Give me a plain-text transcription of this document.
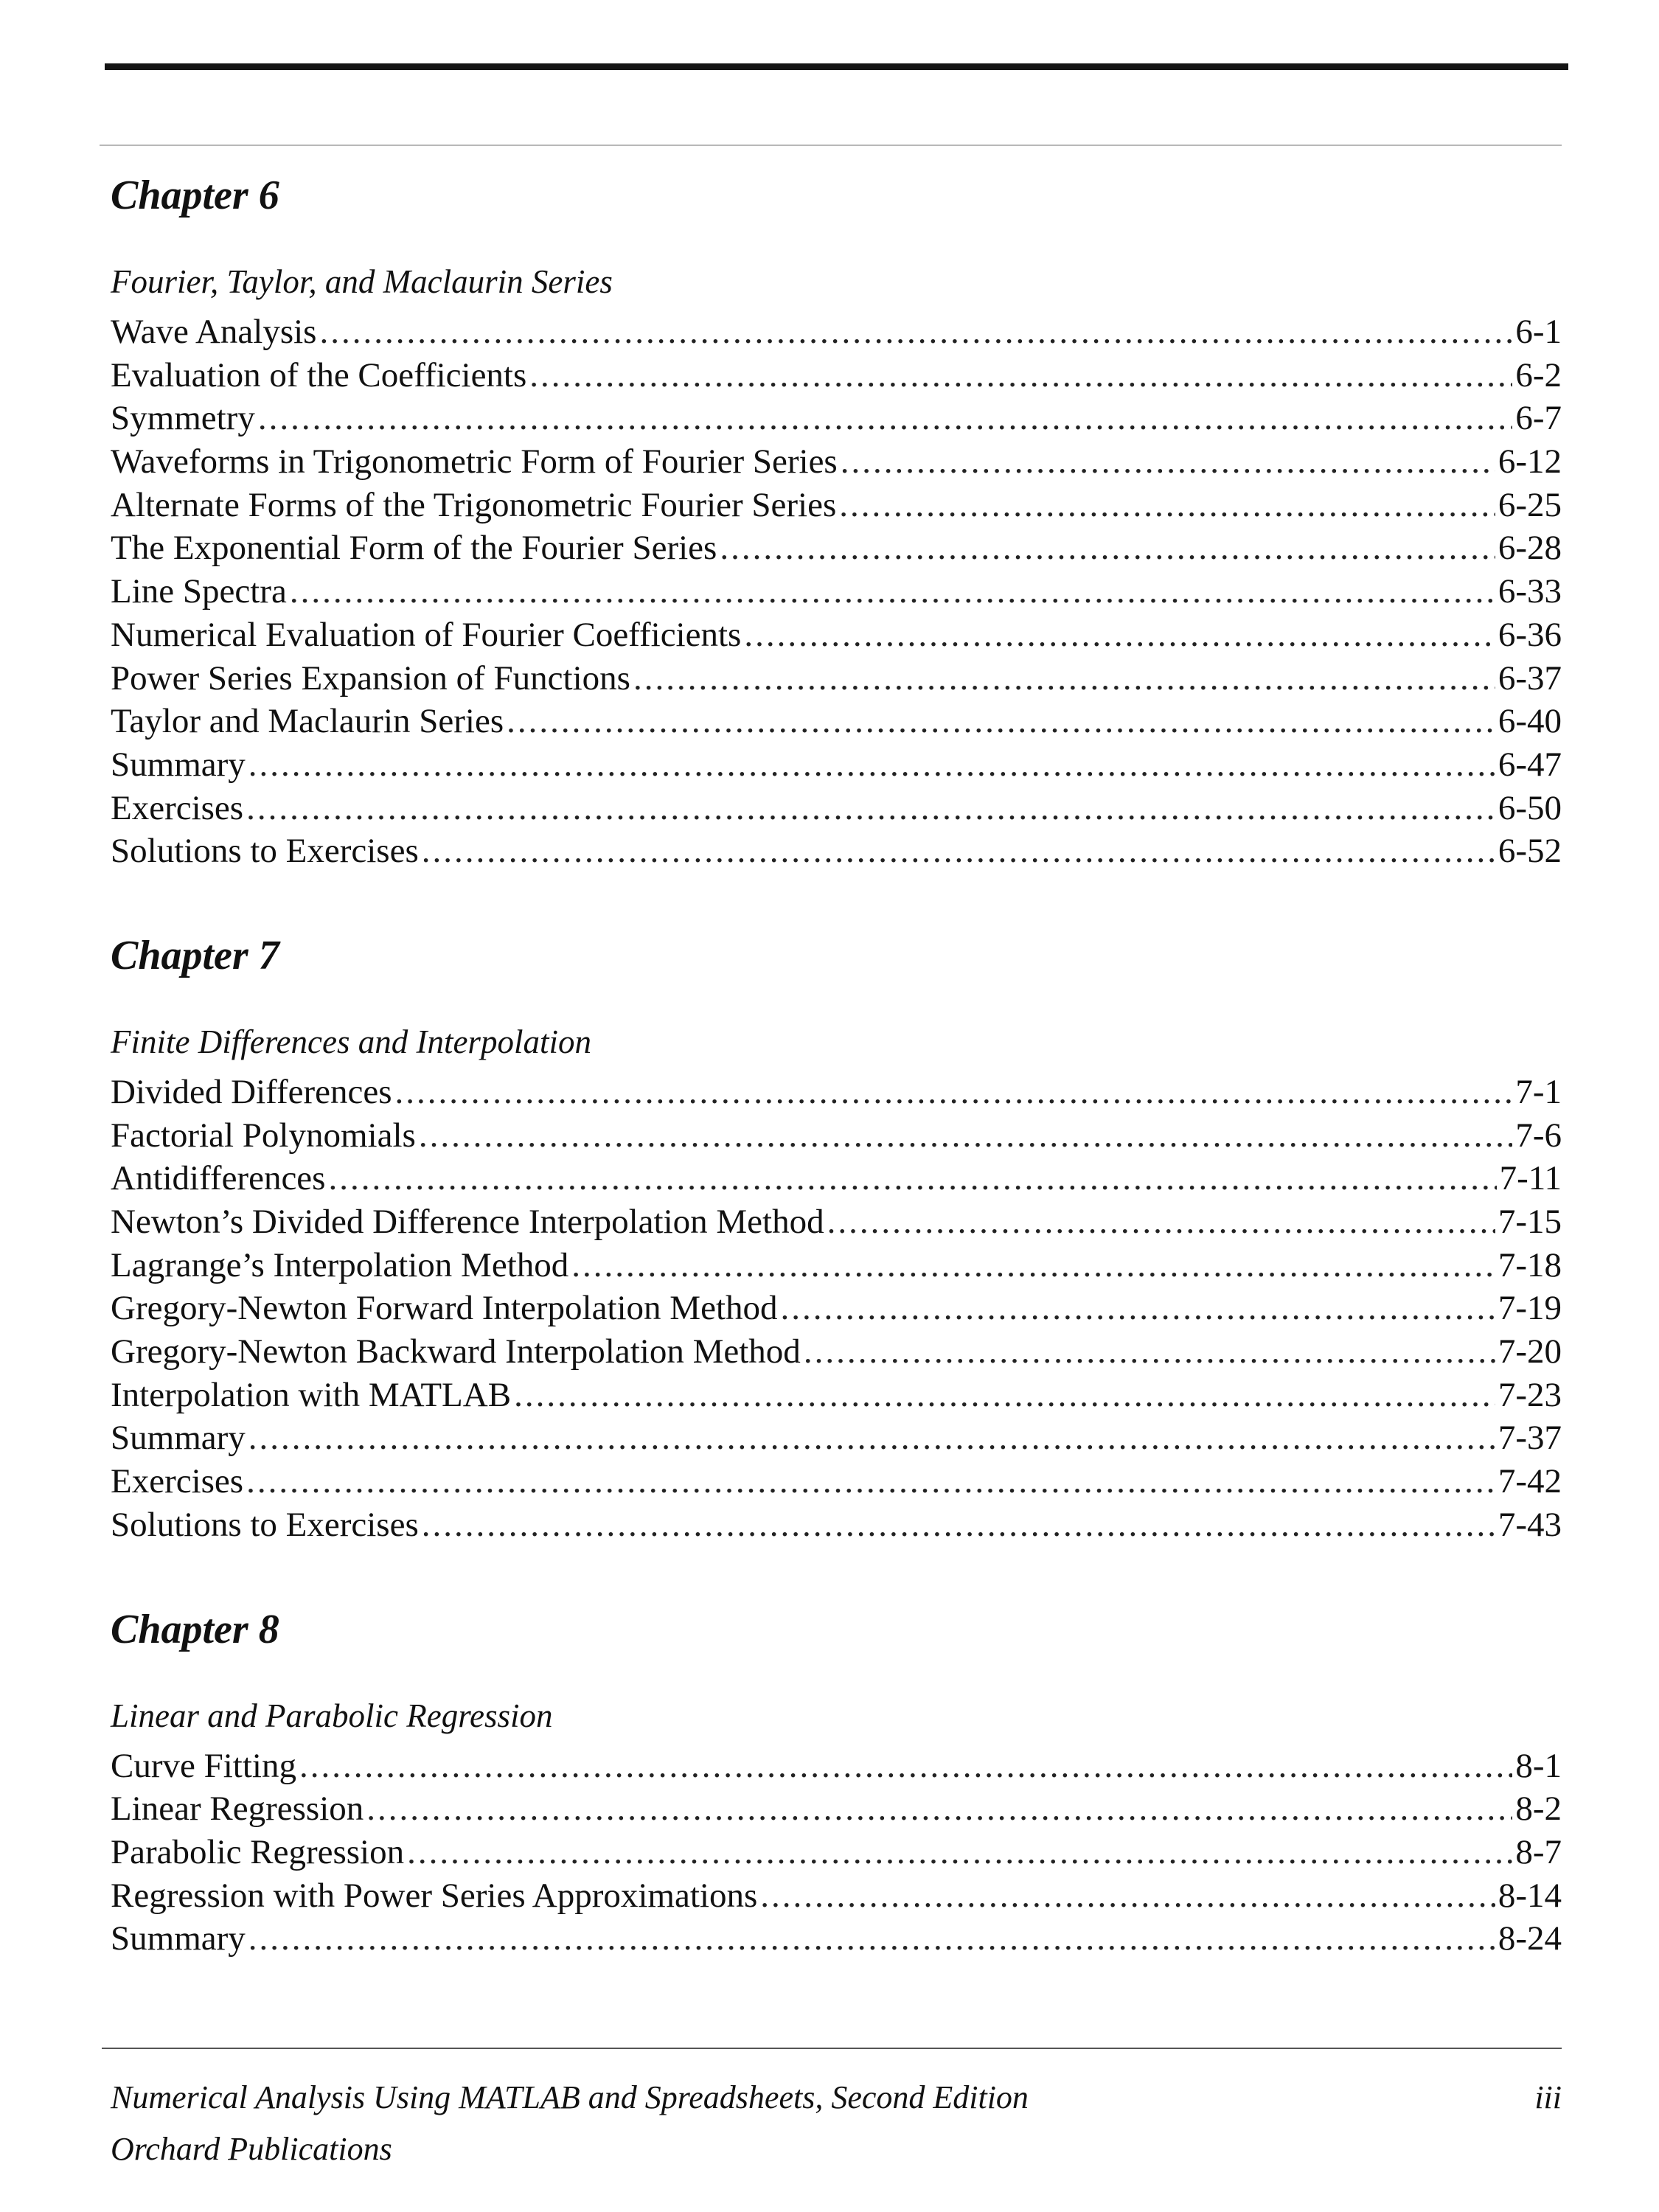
Chapter 6
Fourier, Taylor, and Maclaurin Series
Wave Analysis .....	6-1
Evaluation of the Coefficients .....	6-2
Symmetry .....	6-7
Waveforms in Trigonometric Form of Fourier Series .....	6-12
Alternate Forms of the Trigonometric Fourier Series .....	6-25
The Exponential Form of the Fourier Series .....	6-28
Line Spectra .....	6-33
Numerical Evaluation of Fourier Coefficients .....	6-36
Power Series Expansion of Functions .....	6-37
Taylor and Maclaurin Series .....	6-40
Summary .....	6-47
Exercises .....	6-50
Solutions to Exercises .....	6-52
Chapter 7
Finite Differences and Interpolation
Divided Differences .....	7-1
Factorial Polynomials .....	7-6
Antidifferences .....	7-11
Newton’s Divided Difference Interpolation Method .....	7-15
Lagrange’s Interpolation Method .....	7-18
Gregory-Newton Forward Interpolation Method .....	7-19
Gregory-Newton Backward Interpolation Method .....	7-20
Interpolation with MATLAB .....	7-23
Summary .....	7-37
Exercises .....	7-42
Solutions to Exercises .....	7-43
Chapter 8
Linear and Parabolic Regression
Curve Fitting .....	8-1
Linear Regression .....	8-2
Parabolic Regression .....	8-7
Regression with Power Series Approximations .....	8-14
Summary .....	8-24
Numerical Analysis Using MATLAB and Spreadsheets, Second Edition	iii
Orchard Publications
